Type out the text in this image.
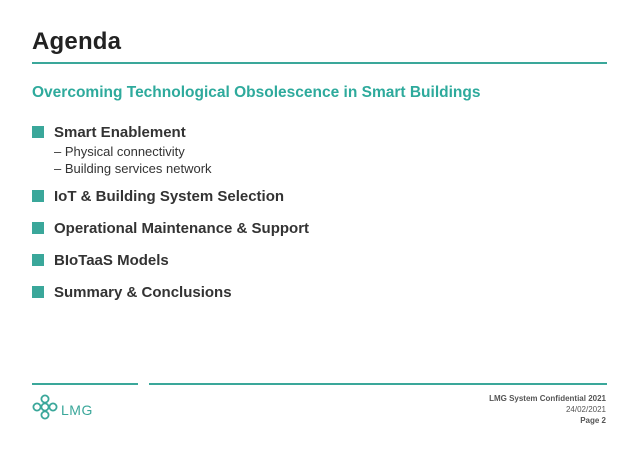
Agenda
Overcoming Technological Obsolescence in Smart Buildings
Smart Enablement
– Physical connectivity
– Building services network
IoT & Building System Selection
Operational Maintenance & Support
BIoTaaS Models
Summary & Conclusions
LMG
LMG System Confidential 2021
24/02/2021
Page 2
